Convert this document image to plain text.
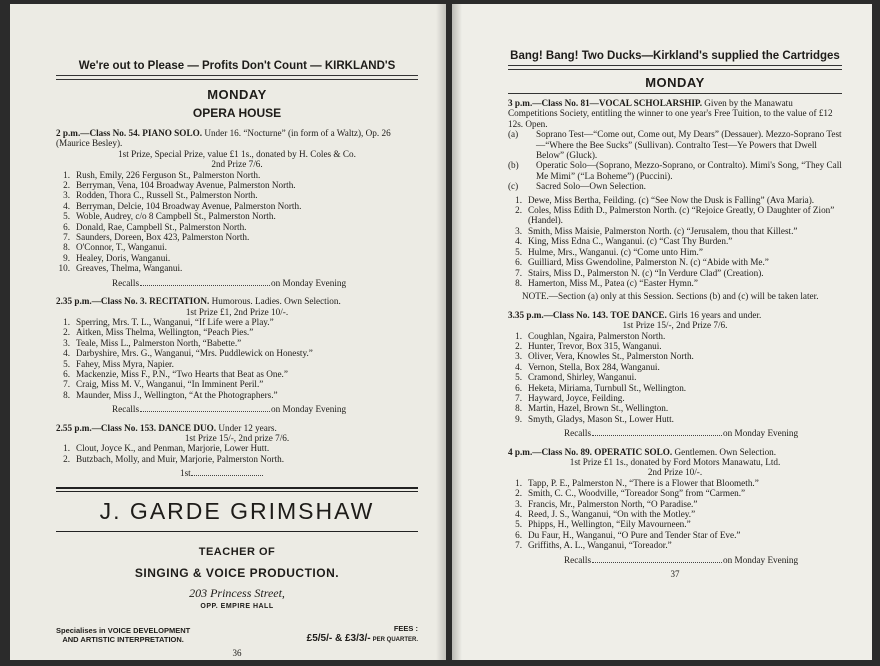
We're out to Please — Profits Don't Count — KIRKLAND'S
MONDAY
OPERA HOUSE
2 p.m.—Class No. 54. PIANO SOLO. Under 16. “Nocturne” (in form of a Waltz), Op. 26 (Maurice Besley).
1st Prize, Special Prize, value £1 1s., donated by H. Coles & Co.
2nd Prize 7/6.
1. Rush, Emily, 226 Ferguson St., Palmerston North.
2. Berryman, Vena, 104 Broadway Avenue, Palmerston North.
3. Rodden, Thora C., Russell St., Palmerston North.
4. Berryman, Delcie, 104 Broadway Avenue, Palmerston North.
5. Woble, Audrey, c/o 8 Campbell St., Palmerston North.
6. Donald, Rae, Campbell St., Palmerston North.
7. Saunders, Doreen, Box 423, Palmerston North.
8. O'Connor, T., Wanganui.
9. Healey, Doris, Wanganui.
10. Greaves, Thelma, Wanganui.
Recalls	on Monday Evening
2.35 p.m.—Class No. 3. RECITATION. Humorous. Ladies. Own Selection.
1st Prize £1, 2nd Prize 10/-.
1. Sperring, Mrs. T. L., Wanganui, “If Life were a Play.”
2. Aitken, Miss Thelma, Wellington, “Peach Pies.”
3. Teale, Miss L., Palmerston North, “Babette.”
4. Darbyshire, Mrs. G., Wanganui, “Mrs. Puddlewick on Honesty.”
5. Fahey, Miss Myra, Napier.
6. Mackenzie, Miss F., P.N., “Two Hearts that Beat as One.”
7. Craig, Miss M. V., Wanganui, “In Imminent Peril.”
8. Maunder, Miss J., Wellington, “At the Photographers.”
Recalls	on Monday Evening
2.55 p.m.—Class No. 153. DANCE DUO. Under 12 years.
1st Prize 15/-, 2nd prize 7/6.
1. Clout, Joyce K., and Penman, Marjorie, Lower Hutt.
2. Butzbach, Molly, and Muir, Marjorie, Palmerston North.
1st
J. GARDE GRIMSHAW
TEACHER OF
SINGING & VOICE PRODUCTION.
203 Princess Street,
OPP. EMPIRE HALL
Specialises in VOICE DEVELOPMENT
AND ARTISTIC INTERPRETATION.
FEES :
£5/5/- & £3/3/- PER QUARTER.
36
Bang! Bang! Two Ducks—Kirkland's supplied the Cartridges
MONDAY
3 p.m.—Class No. 81—VOCAL SCHOLARSHIP. Given by the Manawatu Competitions Society, entitling the winner to one year's Free Tuition, to the value of £12 12s. Open.
(a)	Soprano Test—“Come out, Come out, My Dears” (Dessauer). Mezzo-Soprano Test—“Where the Bee Sucks” (Sullivan). Contralto Test—Ye Powers that Dwell Below” (Gluck).
(b)	Operatic Solo—(Soprano, Mezzo-Soprano, or Contralto). Mimi's Song, “They Call Me Mimi” (“La Boheme”) (Puccini).
(c)	Sacred Solo—Own Selection.
1. Dewe, Miss Bertha, Feilding. (c) “See Now the Dusk is Falling” (Ava Maria).
2. Coles, Miss Edith D., Palmerston North. (c) “Rejoice Greatly, O Daughter of Zion” (Handel).
3. Smith, Miss Maisie, Palmerston North. (c) “Jerusalem, thou that Killest.”
4. King, Miss Edna C., Wanganui. (c) “Cast Thy Burden.”
5. Hulme, Mrs., Wanganui. (c) “Come unto Him.”
6. Guilliard, Miss Gwendoline, Palmerston N. (c) “Abide with Me.”
7. Stairs, Miss D., Palmerston N. (c) “In Verdure Clad” (Creation).
8. Hamerton, Miss M., Patea (c) “Easter Hymn.”
NOTE.—Section (a) only at this Session. Sections (b) and (c) will be taken later.
3.35 p.m.—Class No. 143. TOE DANCE. Girls 16 years and under.
1st Prize 15/-, 2nd Prize 7/6.
1. Coughlan, Ngaira, Palmerston North.
2. Hunter, Trevor, Box 315, Wanganui.
3. Oliver, Vera, Knowles St., Palmerston North.
4. Vernon, Stella, Box 284, Wanganui.
5. Cramond, Shirley, Wanganui.
6. Heketa, Miriama, Turnbull St., Wellington.
7. Hayward, Joyce, Feilding.
8. Martin, Hazel, Brown St., Wellington.
9. Smyth, Gladys, Mason St., Lower Hutt.
Recalls	on Monday Evening
4 p.m.—Class No. 89. OPERATIC SOLO. Gentlemen. Own Selection.
1st Prize £1 1s., donated by Ford Motors Manawatu, Ltd.
2nd Prize 10/-.
1. Tapp, P. E., Palmerston N., “There is a Flower that Bloometh.”
2. Smith, C. C., Woodville, “Toreador Song” from “Carmen.”
3. Francis, Mr., Palmerston North, “O Paradise.”
4. Reed, J. S., Wanganui, “On with the Motley.”
5. Phipps, H., Wellington, “Eily Mavourneen.”
6. Du Faur, H., Wanganui, “O Pure and Tender Star of Eve.”
7. Griffiths, A. L., Wanganui, “Toreador.”
Recalls	on Monday Evening
37
